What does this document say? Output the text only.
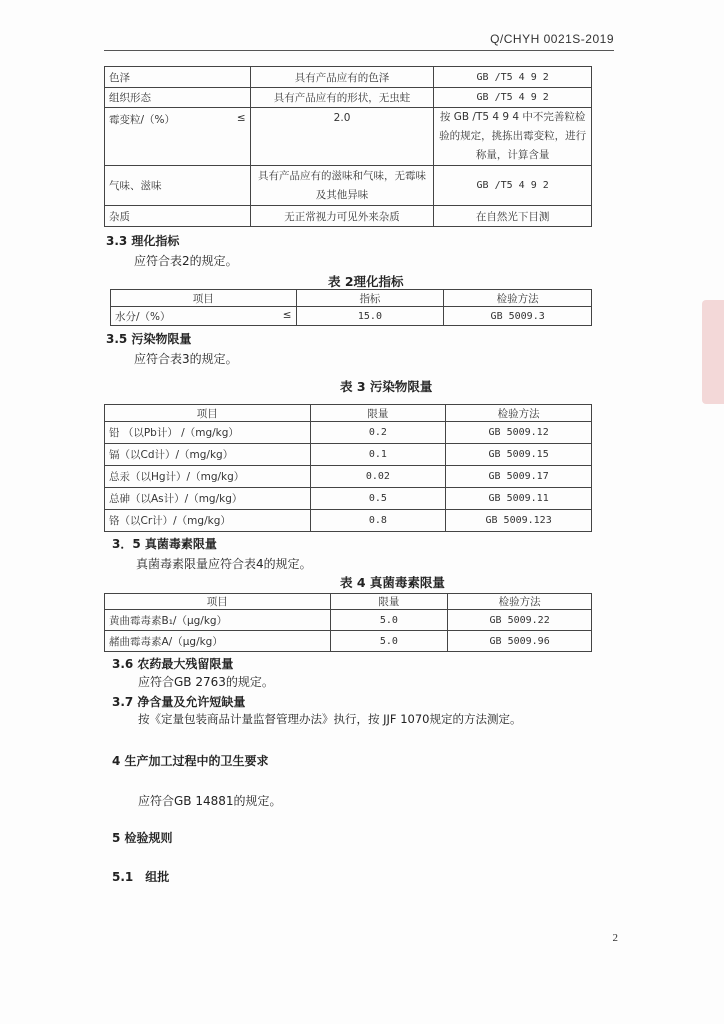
Q/CHYH 0021S-2019
色泽	具有产品应有的色泽	GB /T5 4 9 2
组织形态	具有产品应有的形状，无虫蛀	GB /T5 4 9 2

霉变粒/（%） ≤	2.0	按 GB /T5 4 9 4 中不完善粒检验的规定，挑拣出霉变粒，进行称量，计算含量
气味、滋味	具有产品应有的滋味和气味，无霉味及其他异味	GB /T5 4 9 2
杂质	无正常视力可见外来杂质	在自然光下目测
3.3 理化指标
应符合表2的规定。
表 2理化指标
项目	指标	检验方法

水分/（%） ≤	15.0	GB 5009.3
3.5 污染物限量
应符合表3的规定。
表 3 污染物限量
项目	限量	检验方法
铅 （以Pb计） /（mg/kg）	0.2	GB 5009.12
镉（以Cd计）/（mg/kg）	0.1	GB 5009.15
总汞（以Hg计）/（mg/kg）	0.02	GB 5009.17
总砷（以As计）/（mg/kg）	0.5	GB 5009.11
铬（以Cr计）/（mg/kg）	0.8	GB 5009.123
3．5 真菌毒素限量
真菌毒素限量应符合表4的规定。
表 4 真菌毒素限量
项目	限量	检验方法
黄曲霉毒素B₁/（μg/kg）	5.0	GB 5009.22
赭曲霉毒素A/（μg/kg）	5.0	GB 5009.96
3.6 农药最大残留限量
应符合GB 2763的规定。
3.7 净含量及允许短缺量
按《定量包装商品计量监督管理办法》执行，按 JJF 1070规定的方法测定。
4 生产加工过程中的卫生要求
应符合GB 14881的规定。
5 检验规则
5.1　组批
2
